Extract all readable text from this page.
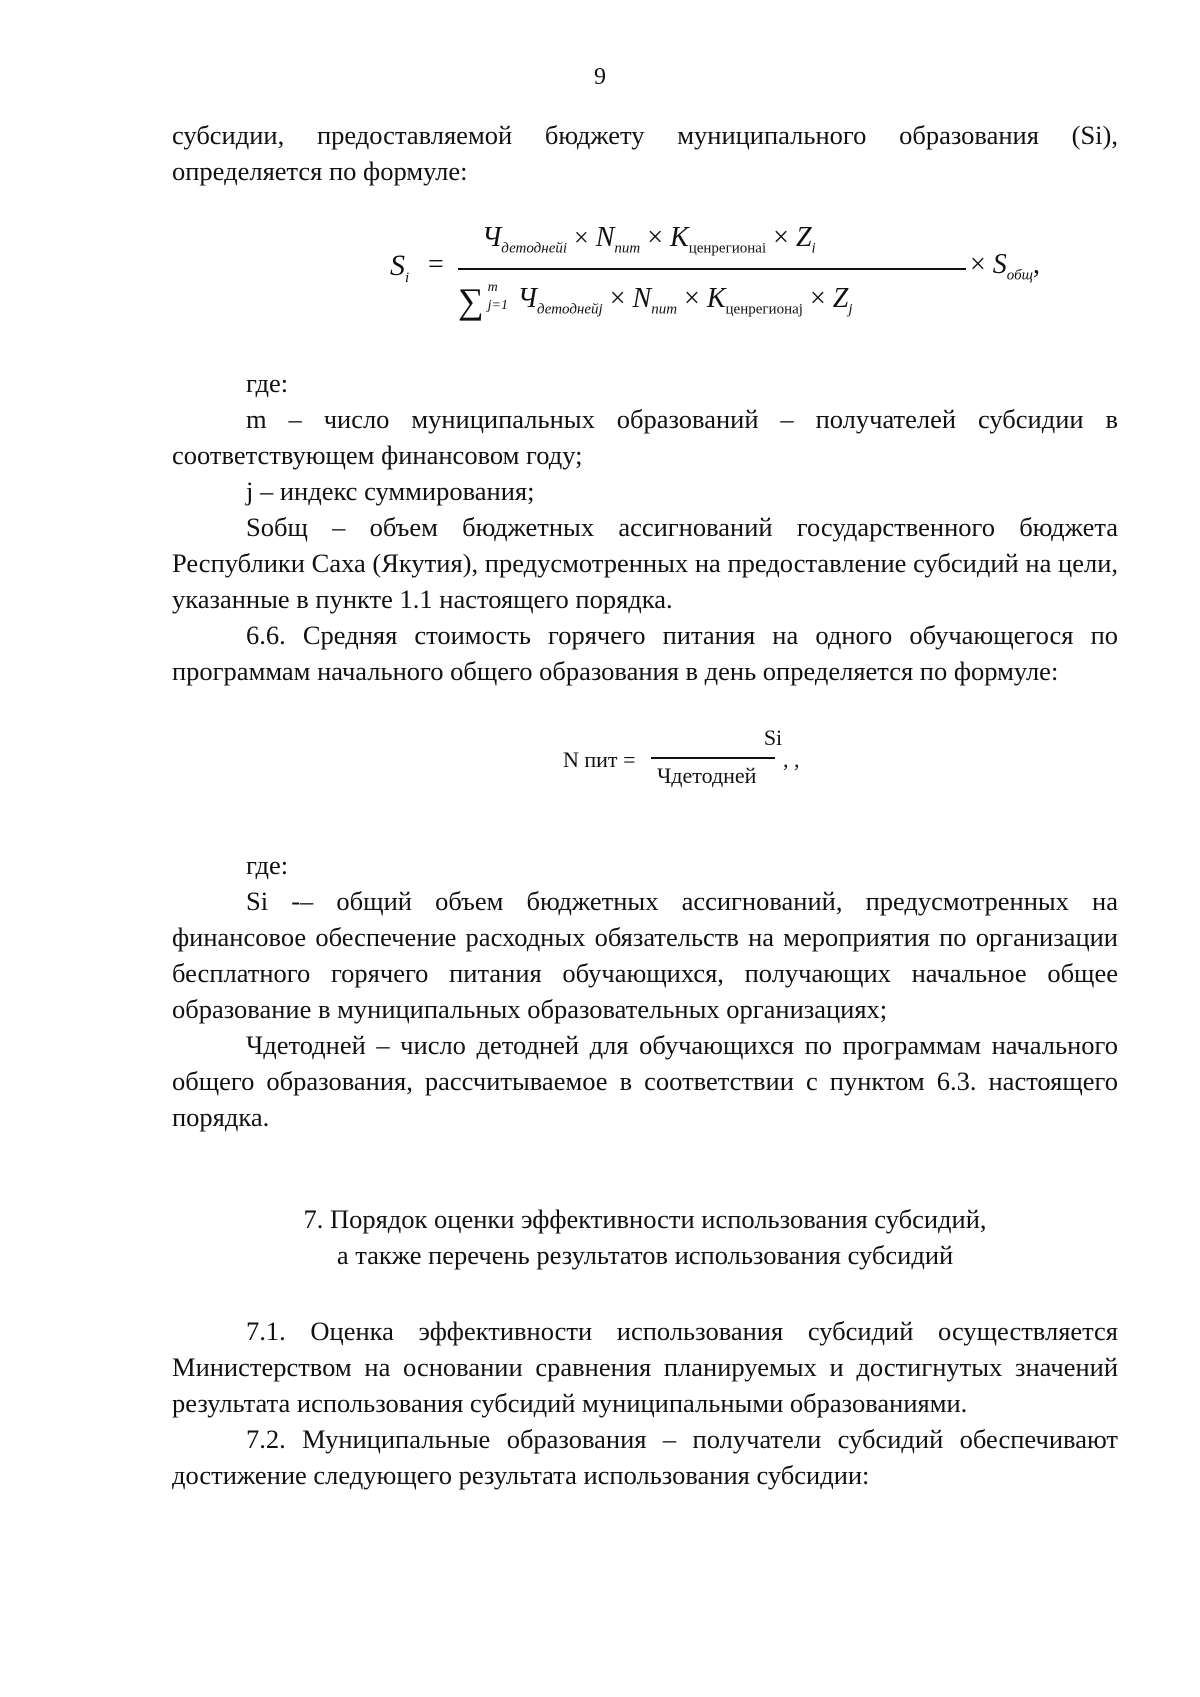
9

субсидии, предоставляемой бюджету муниципального образования (Si), определяется по формуле:

$S_i$ =
$Ч_{детоднейi} \times N_{пит} \times K_{ценрегионаi} \times Z_i$
∑ m
j=1 $Ч_{детоднейj} \times N_{пит} \times K_{ценрегионаj} \times Z_j$
× $S_{общ}$,

где:

m – число муниципальных образований – получателей субсидии в соответствующем финансовом году;

j – индекс суммирования;

Sобщ – объем бюджетных ассигнований государственного бюджета Республики Саха (Якутия), предусмотренных на предоставление субсидий на цели, указанные в пункте 1.1 настоящего порядка.

6.6. Средняя стоимость горячего питания на одного обучающегося по программам начального общего образования в день определяется по формуле:

N пит =
Si
Чдетодней
, ,

где:

Si -– общий объем бюджетных ассигнований, предусмотренных на финансовое обеспечение расходных обязательств на мероприятия по организации бесплатного горячего питания обучающихся, получающих начальное общее образование в муниципальных образовательных организациях;

Чдетодней – число детодней для обучающихся по программам начального общего образования, рассчитываемое в соответствии с пунктом 6.3. настоящего порядка.

7. Порядок оценки эффективности использования субсидий,
а также перечень результатов использования субсидий

7.1. Оценка эффективности использования субсидий осуществляется Министерством на основании сравнения планируемых и достигнутых значений результата использования субсидий муниципальными образованиями.

7.2. Муниципальные образования – получатели субсидий обеспечивают достижение следующего результата использования субсидии:
